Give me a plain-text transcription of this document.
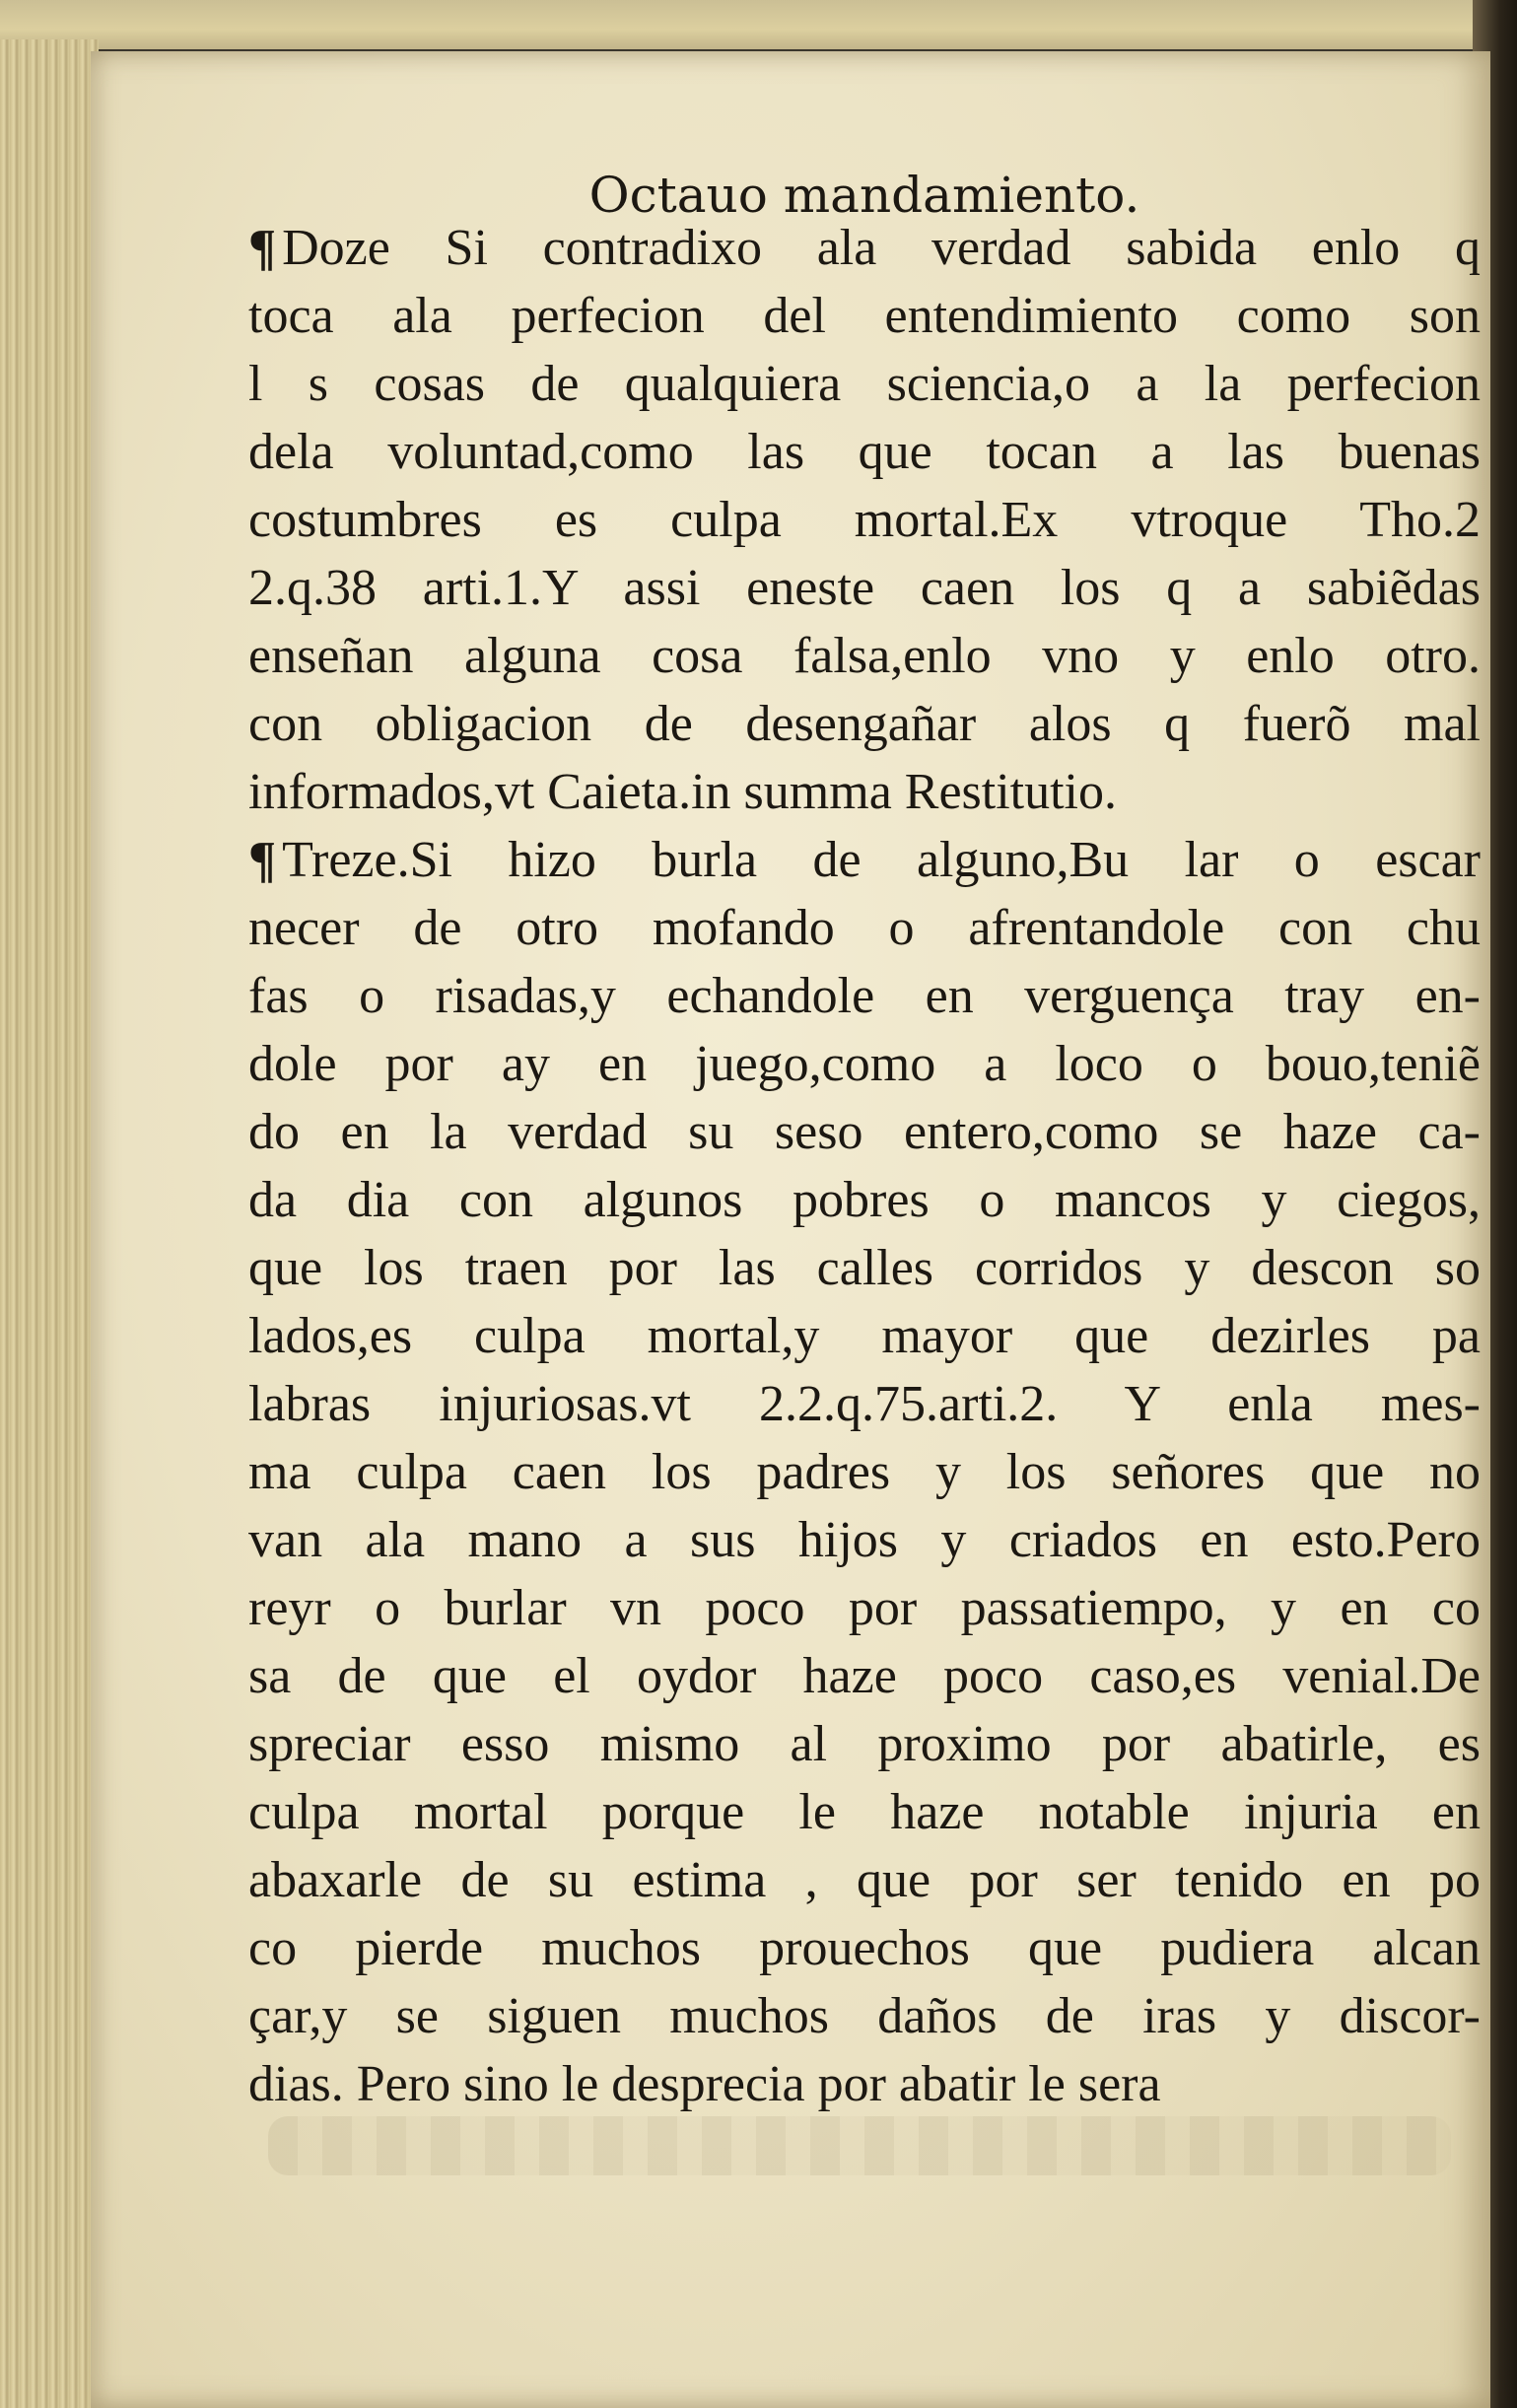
Octauo mandamiento.
¶ Doze Si contradixo ala verdad sabida enlo q
toca ala perfecion del entendimiento como son
l s cosas de qualquiera sciencia,o a la perfecion
dela voluntad,como las que tocan a las buenas
costumbres es culpa mortal.Ex vtroque Tho.2
2.q.38 arti.1.Y assi eneste caen los q a sabiẽdas
enseñan alguna cosa falsa,enlo vno y enlo otro.
con obligacion de desengañar alos q fuerõ mal
informados,vt Caieta.in summa Restitutio.
¶ Treze.Si hizo burla de alguno,Bu lar o escar
necer de otro mofando o afrentandole con chu
fas o risadas,y echandole en verguença tray en-
dole por ay en juego,como a loco o bouo,teniẽ
do en la verdad su seso entero,como se haze ca-
da dia con algunos pobres o mancos y ciegos,
que los traen por las calles corridos y descon so
lados,es culpa mortal,y mayor que dezirles pa
labras injuriosas.vt 2.2.q.75.arti.2. Y enla mes-
ma culpa caen los padres y los señores que no
van ala mano a sus hijos y criados en esto.Pero
reyr o burlar vn poco por passatiempo, y en co
sa de que el oydor haze poco caso,es venial.De
spreciar esso mismo al proximo por abatirle, es
culpa mortal porque le haze notable injuria en
abaxarle de su estima , que por ser tenido en po
co pierde muchos prouechos que pudiera alcan
çar,y se siguen muchos daños de iras y discor-
dias. Pero sino le desprecia por abatir le sera
